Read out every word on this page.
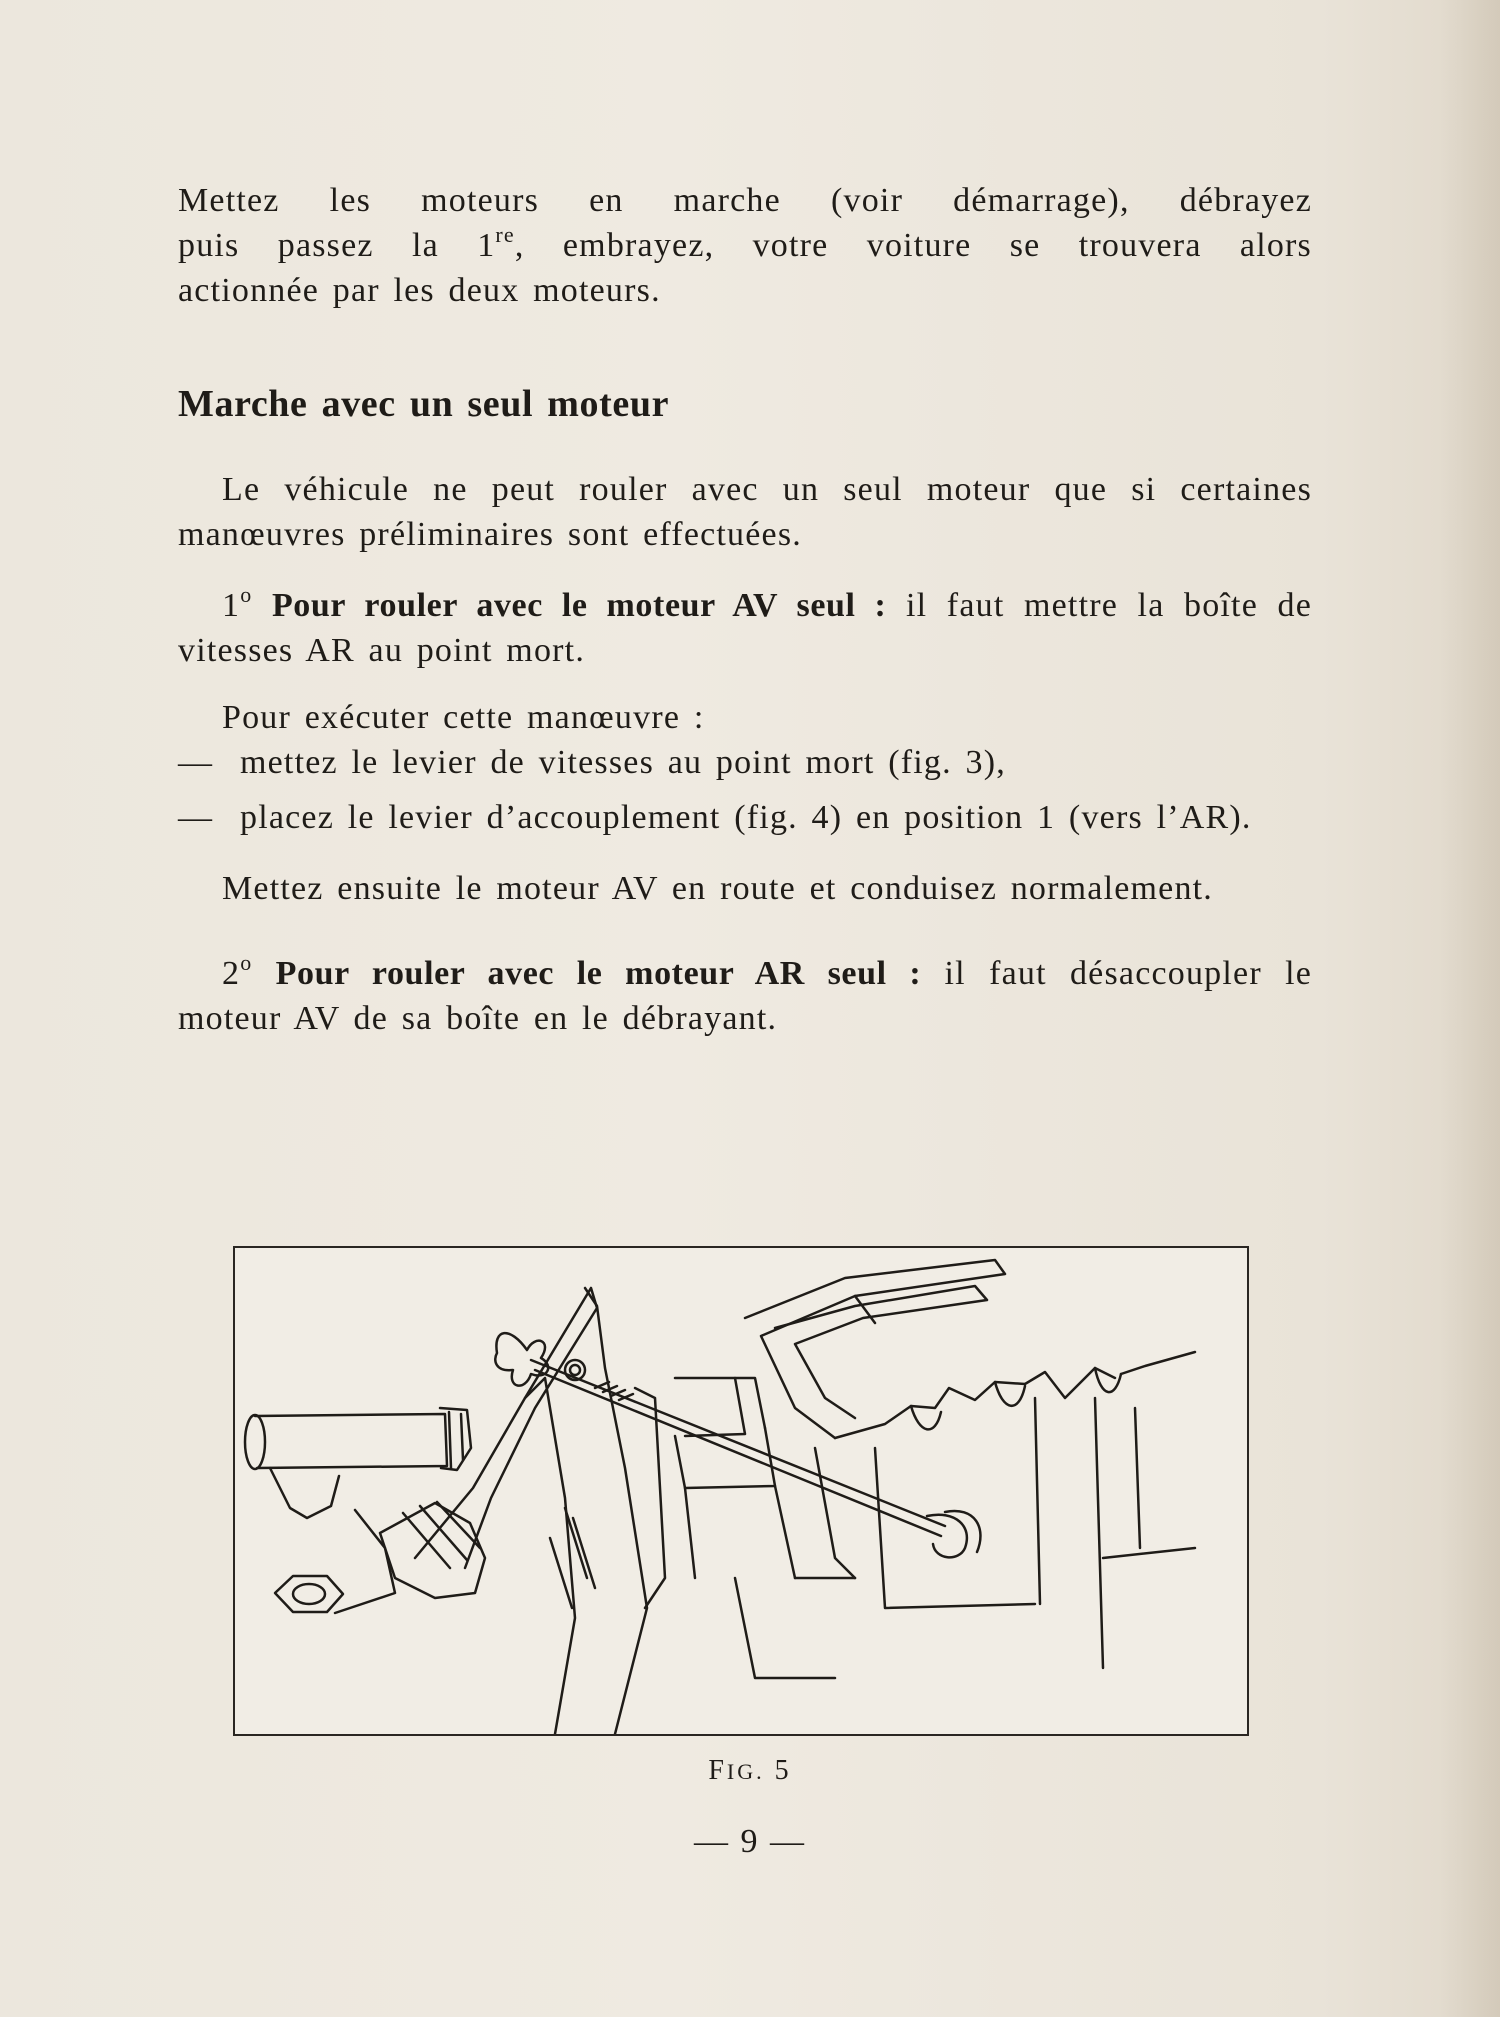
Mettez les moteurs en marche (voir démarrage), débrayez

puis passez la 1re, embrayez, votre voiture se trouvera alors

actionnée par les deux moteurs.

Marche avec un seul moteur

Le véhicule ne peut rouler avec un seul moteur que si certaines manœuvres préliminaires sont effectuées.

1$^o$ Pour rouler avec le moteur AV seul : il faut mettre la boîte de vitesses AR au point mort.

Pour exécuter cette manœuvre :

— mettez le levier de vitesses au point mort (fig. 3),

— placez le levier d’accouplement (fig. 4) en position 1 (vers l’AR).

Mettez ensuite le moteur AV en route et conduisez normalement.

2$^o$ Pour rouler avec le moteur AR seul : il faut désaccoupler le moteur AV de sa boîte en le débrayant.

FIG. 5
— 9 —
